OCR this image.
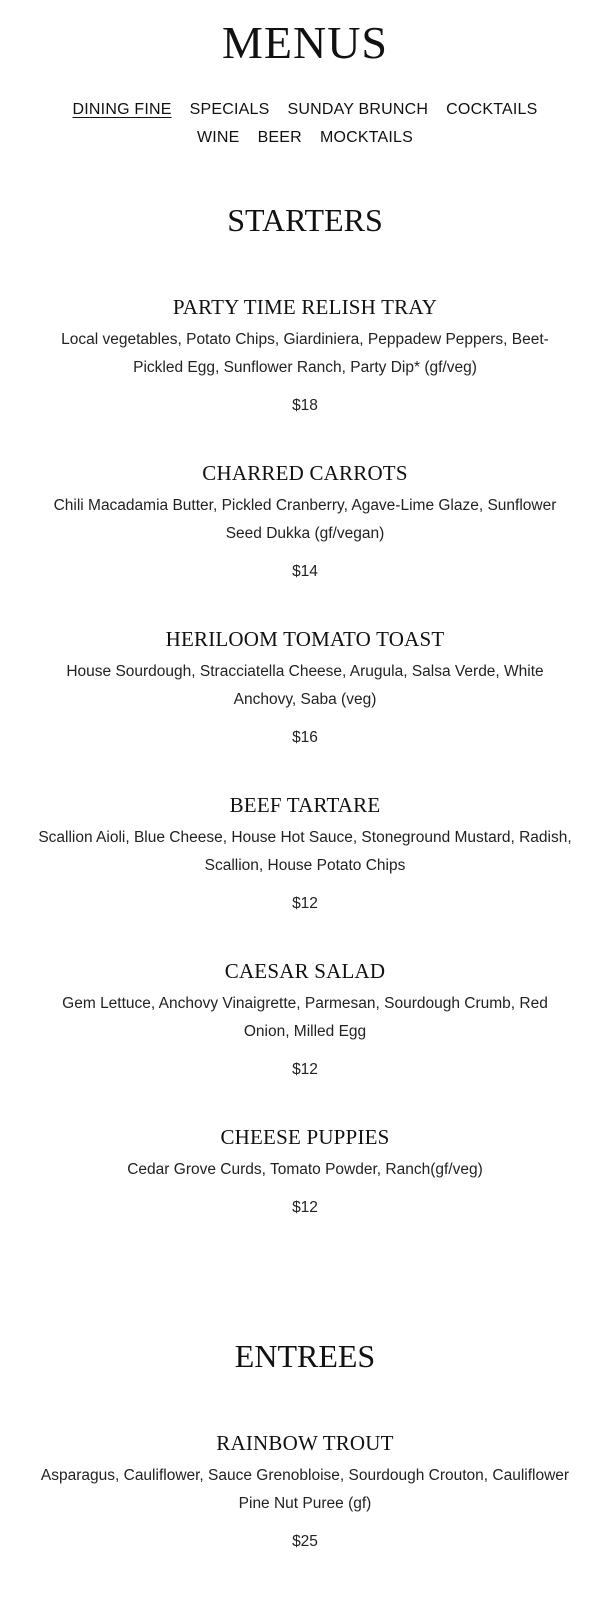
MENUS
DINING FINE SPECIALS SUNDAY BRUNCH COCKTAILS
WINE BEER MOCKTAILS
STARTERS
PARTY TIME RELISH TRAY

Local vegetables, Potato Chips, Giardiniera, Peppadew Peppers, Beet-Pickled Egg, Sunflower Ranch, Party Dip* (gf/veg)

$18
CHARRED CARROTS

Chili Macadamia Butter, Pickled Cranberry, Agave-Lime Glaze, Sunflower Seed Dukka (gf/vegan)

$14
HERILOOM TOMATO TOAST

House Sourdough, Stracciatella Cheese, Arugula, Salsa Verde, White Anchovy, Saba (veg)

$16
BEEF TARTARE

Scallion Aioli, Blue Cheese, House Hot Sauce, Stoneground Mustard, Radish, Scallion, House Potato Chips

$12
CAESAR SALAD

Gem Lettuce, Anchovy Vinaigrette, Parmesan, Sourdough Crumb, Red Onion, Milled Egg

$12
CHEESE PUPPIES

Cedar Grove Curds, Tomato Powder, Ranch(gf/veg)

$12
ENTREES
RAINBOW TROUT

Asparagus, Cauliflower, Sauce Grenobloise, Sourdough Crouton, Cauliflower Pine Nut Puree (gf)

$25
